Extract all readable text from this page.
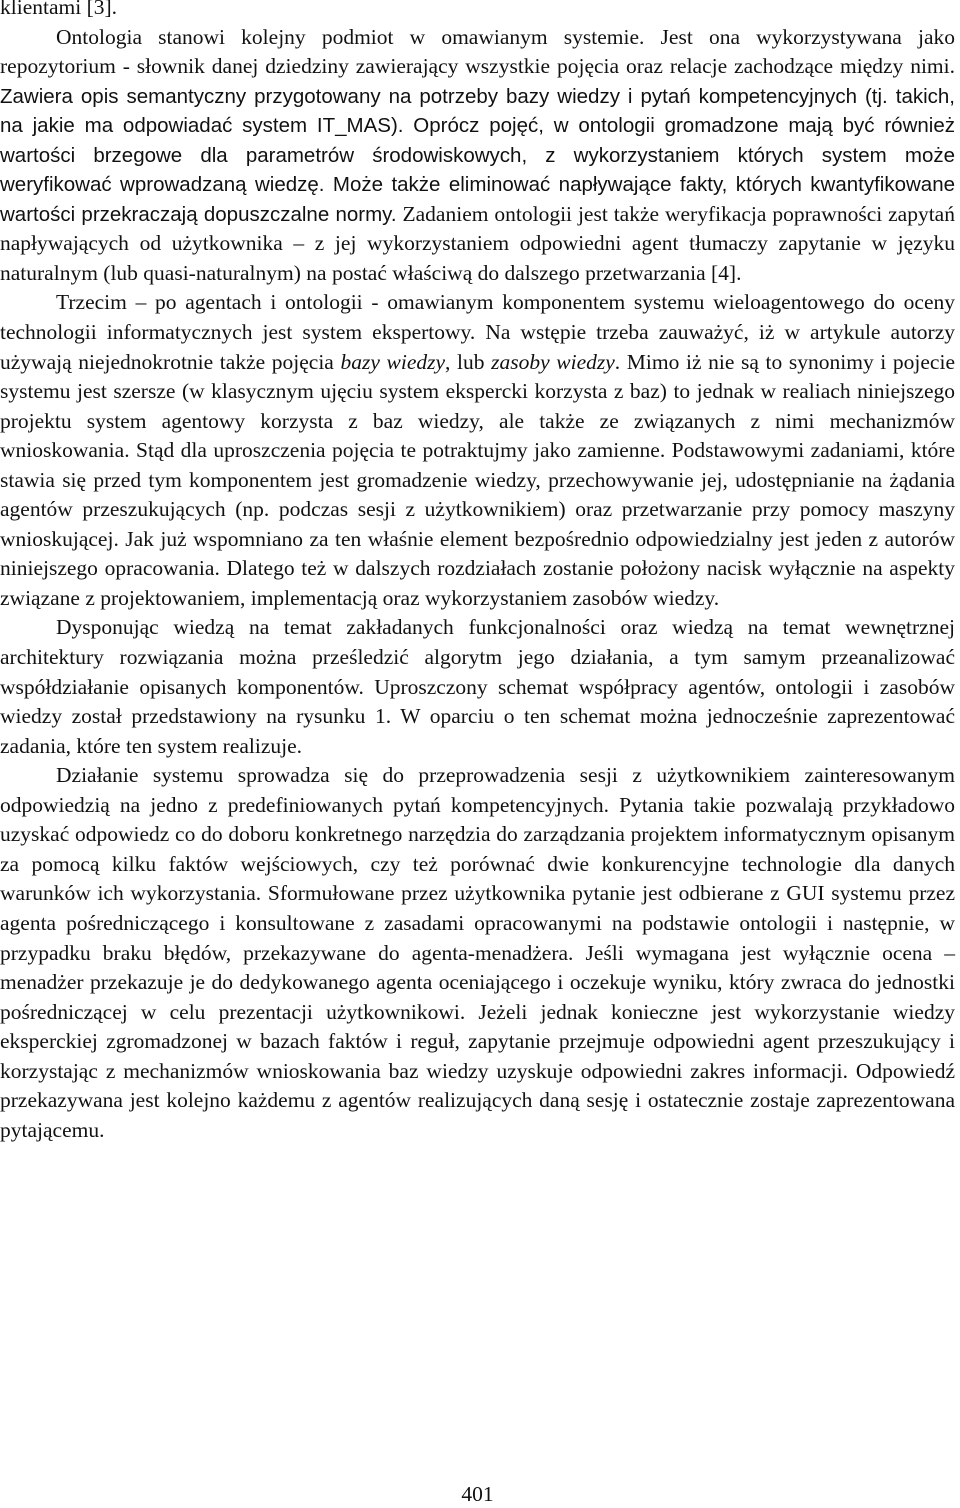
klientami [3].

Ontologia stanowi kolejny podmiot w omawianym systemie. Jest ona wykorzystywana jako repozytorium - słownik danej dziedziny zawierający wszystkie pojęcia oraz relacje zachodzące między nimi. Zawiera opis semantyczny przygotowany na potrzeby bazy wiedzy i pytań kompetencyjnych (tj. takich, na jakie ma odpowiadać system IT_MAS). Oprócz pojęć, w ontologii gromadzone mają być również wartości brzegowe dla parametrów środowiskowych, z wykorzystaniem których system może weryfikować wprowadzaną wiedzę. Może także eliminować napływające fakty, których kwantyfikowane wartości przekraczają dopuszczalne normy. Zadaniem ontologii jest także weryfikacja poprawności zapytań napływających od użytkownika – z jej wykorzystaniem odpowiedni agent tłumaczy zapytanie w języku naturalnym (lub quasi-naturalnym) na postać właściwą do dalszego przetwarzania [4].

Trzecim – po agentach i ontologii - omawianym komponentem systemu wieloagentowego do oceny technologii informatycznych jest system ekspertowy. Na wstępie trzeba zauważyć, iż w artykule autorzy używają niejednokrotnie także pojęcia bazy wiedzy, lub zasoby wiedzy. Mimo iż nie są to synonimy i pojecie systemu jest szersze (w klasycznym ujęciu system ekspercki korzysta z baz) to jednak w realiach niniejszego projektu system agentowy korzysta z baz wiedzy, ale także ze związanych z nimi mechanizmów wnioskowania. Stąd dla uproszczenia pojęcia te potraktujmy jako zamienne. Podstawowymi zadaniami, które stawia się przed tym komponentem jest gromadzenie wiedzy, przechowywanie jej, udostępnianie na żądania agentów przeszukujących (np. podczas sesji z użytkownikiem) oraz przetwarzanie przy pomocy maszyny wnioskującej. Jak już wspomniano za ten właśnie element bezpośrednio odpowiedzialny jest jeden z autorów niniejszego opracowania. Dlatego też w dalszych rozdziałach zostanie położony nacisk wyłącznie na aspekty związane z projektowaniem, implementacją oraz wykorzystaniem zasobów wiedzy.

Dysponując wiedzą na temat zakładanych funkcjonalności oraz wiedzą na temat wewnętrznej architektury rozwiązania można prześledzić algorytm jego działania, a tym samym przeanalizować współdziałanie opisanych komponentów. Uproszczony schemat współpracy agentów, ontologii i zasobów wiedzy został przedstawiony na rysunku 1. W oparciu o ten schemat można jednocześnie zaprezentować zadania, które ten system realizuje.

Działanie systemu sprowadza się do przeprowadzenia sesji z użytkownikiem zainteresowanym odpowiedzią na jedno z predefiniowanych pytań kompetencyjnych. Pytania takie pozwalają przykładowo uzyskać odpowiedz co do doboru konkretnego narzędzia do zarządzania projektem informatycznym opisanym za pomocą kilku faktów wejściowych, czy też porównać dwie konkurencyjne technologie dla danych warunków ich wykorzystania. Sformułowane przez użytkownika pytanie jest odbierane z GUI systemu przez agenta pośredniczącego i konsultowane z zasadami opracowanymi na podstawie ontologii i następnie, w przypadku braku błędów, przekazywane do agenta-menadżera. Jeśli wymagana jest wyłącznie ocena – menadżer przekazuje je do dedykowanego agenta oceniającego i oczekuje wyniku, który zwraca do jednostki pośredniczącej w celu prezentacji użytkownikowi. Jeżeli jednak konieczne jest wykorzystanie wiedzy eksperckiej zgromadzonej w bazach faktów i reguł, zapytanie przejmuje odpowiedni agent przeszukujący i korzystając z mechanizmów wnioskowania baz wiedzy uzyskuje odpowiedni zakres informacji. Odpowiedź przekazywana jest kolejno każdemu z agentów realizujących daną sesję i ostatecznie zostaje zaprezentowana pytającemu.

401
